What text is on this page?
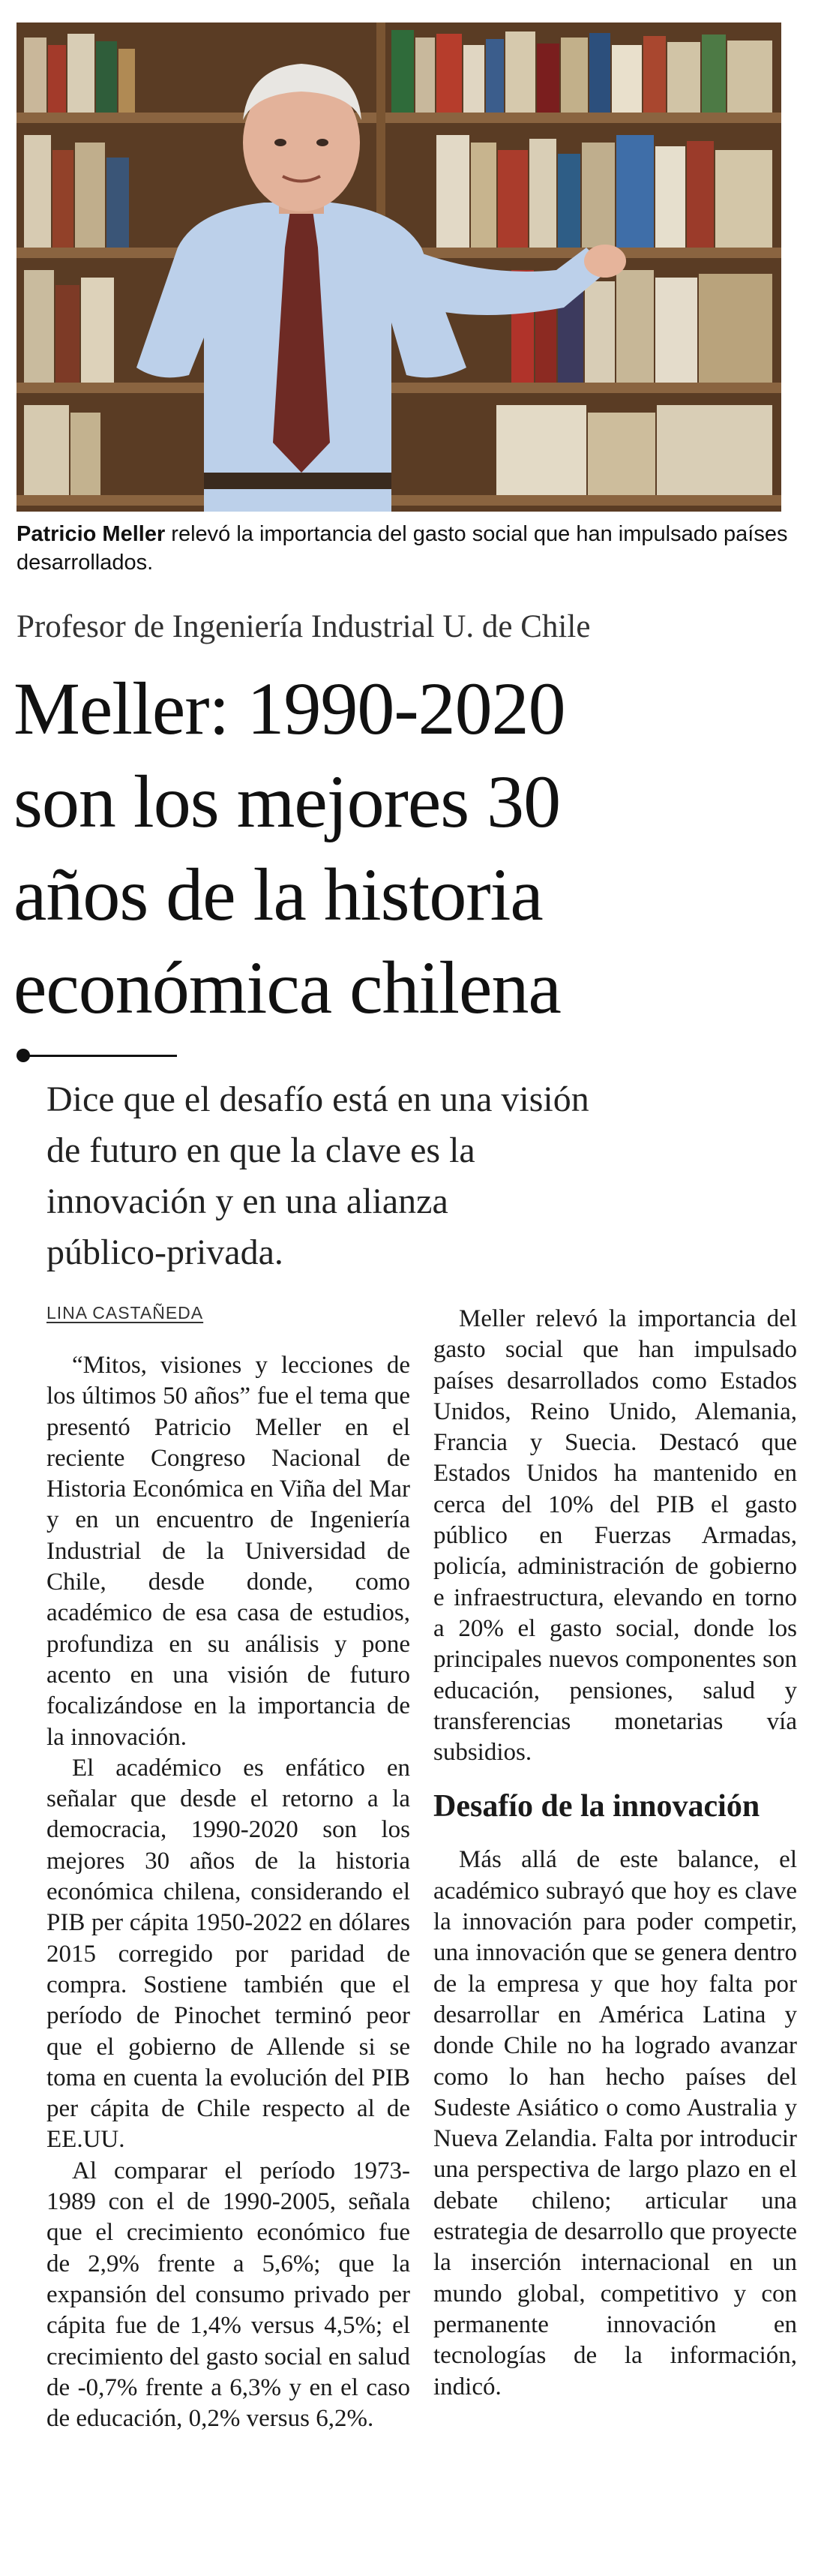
Patricio Meller relevó la importancia del gasto social que han impulsado países desarrollados.
Profesor de Ingeniería Industrial U. de Chile
Meller: 1990-2020
son los mejores 30
años de la historia
económica chilena
Dice que el desafío está en una visión
de futuro en que la clave es la
innovación y en una alianza
público-privada.
LINA CASTAÑEDA

“Mitos, visiones y lecciones de los últimos 50 años” fue el tema que presentó Patricio Meller en el reciente Congreso Nacional de Historia Económica en Viña del Mar y en un encuentro de Ingeniería Industrial de la Universidad de Chile, desde donde, como académico de esa casa de estudios, profundiza en su análisis y pone acento en una visión de futuro focalizándose en la importancia de la innovación.

El académico es enfático en señalar que desde el retorno a la democracia, 1990-2020 son los mejores 30 años de la historia económica chilena, considerando el PIB per cápita 1950-2022 en dólares 2015 corregido por paridad de compra. Sostiene también que el período de Pinochet terminó peor que el gobierno de Allende si se toma en cuenta la evolución del PIB per cápita de Chile respecto al de EE.UU.

Al comparar el período 1973-1989 con el de 1990-2005, señala que el crecimiento económico fue de 2,9% frente a 5,6%; que la expansión del consumo privado per cápita fue de 1,4% versus 4,5%; el crecimiento del gasto social en salud de -0,7% frente a 6,3% y en el caso de educación, 0,2% versus 6,2%.

Meller relevó la importancia del gasto social que han impulsado países desarrollados como Estados Unidos, Reino Unido, Alemania, Francia y Suecia. Destacó que Estados Unidos ha mantenido en cerca del 10% del PIB el gasto público en Fuerzas Armadas, policía, administración de gobierno e infraestructura, elevando en torno a 20% el gasto social, donde los principales nuevos componentes son educación, pensiones, salud y transferencias monetarias vía subsidios.

Desafío de la innovación

Más allá de este balance, el académico subrayó que hoy es clave la innovación para poder competir, una innovación que se genera dentro de la empresa y que hoy falta por desarrollar en América Latina y donde Chile no ha logrado avanzar como lo han hecho países del Sudeste Asiático o como Australia y Nueva Zelandia. Falta por introducir una perspectiva de largo plazo en el debate chileno; articular una estrategia de desarrollo que proyecte la inserción internacional en un mundo global, competitivo y con permanente innovación en tecnologías de la información, indicó.
